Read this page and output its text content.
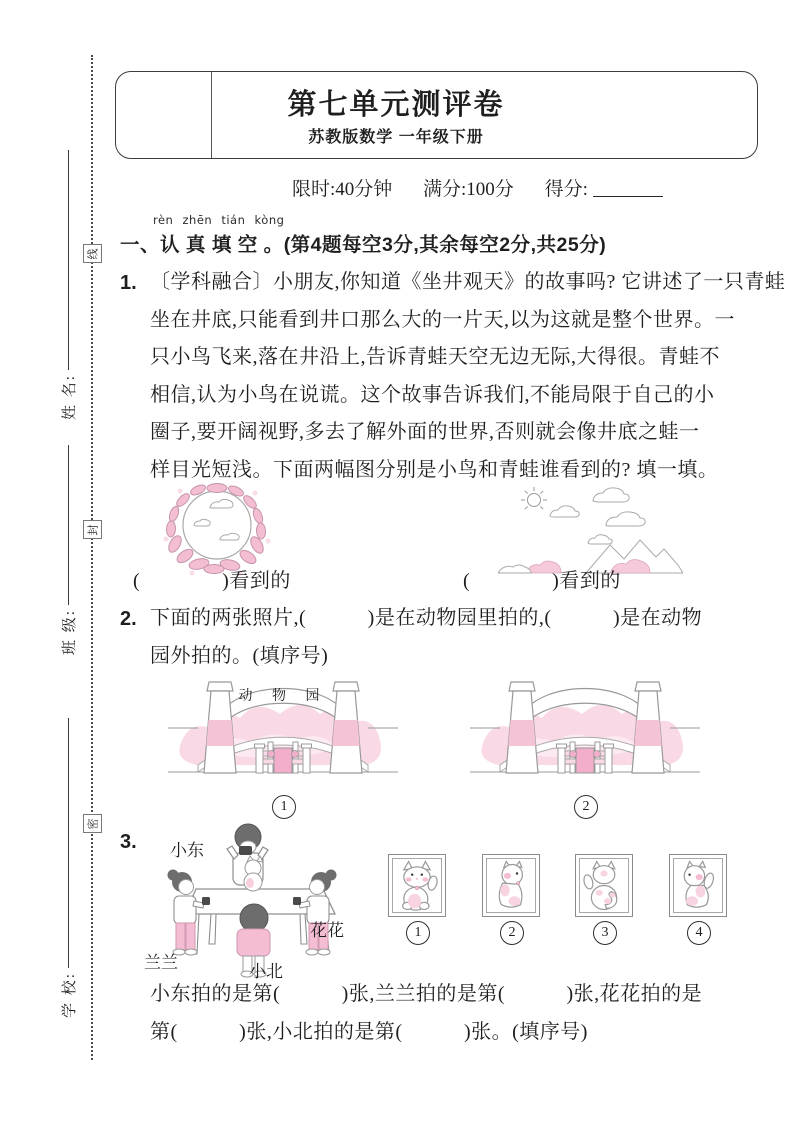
线
封
密
姓 名:
班 级:
学 校:
第七单元测评卷
苏教版数学 一年级下册
限时:40分钟 满分:100分 得分:
rèn zhēn tián kòng
一、 认 真 填 空 。 (第4题每空3分,其余每空2分,共25分)
1. 〔学科融合〕小朋友,你知道《坐井观天》的故事吗? 它讲述了一只青蛙
坐在井底,只能看到井口那么大的一片天,以为这就是整个世界。一
只小鸟飞来,落在井沿上,告诉青蛙天空无边无际,大得很。青蛙不
相信,认为小鸟在说谎。这个故事告诉我们,不能局限于自己的小
圈子,要开阔视野,多去了解外面的世界,否则就会像井底之蛙一
样目光短浅。下面两幅图分别是小鸟和青蛙谁看到的? 填一填。
(　　　　)看到的	(　　　　)看到的
2. 下面的两张照片,(　　　)是在动物园里拍的,(　　　)是在动物
园外拍的。(填序号)
动 物 园
1	2
3. 小东
兰兰
花花
小北
1	2	3	4
小东拍的是第(　　　)张,兰兰拍的是第(　　　)张,花花拍的是
第(　　　)张,小北拍的是第(　　　)张。(填序号)
